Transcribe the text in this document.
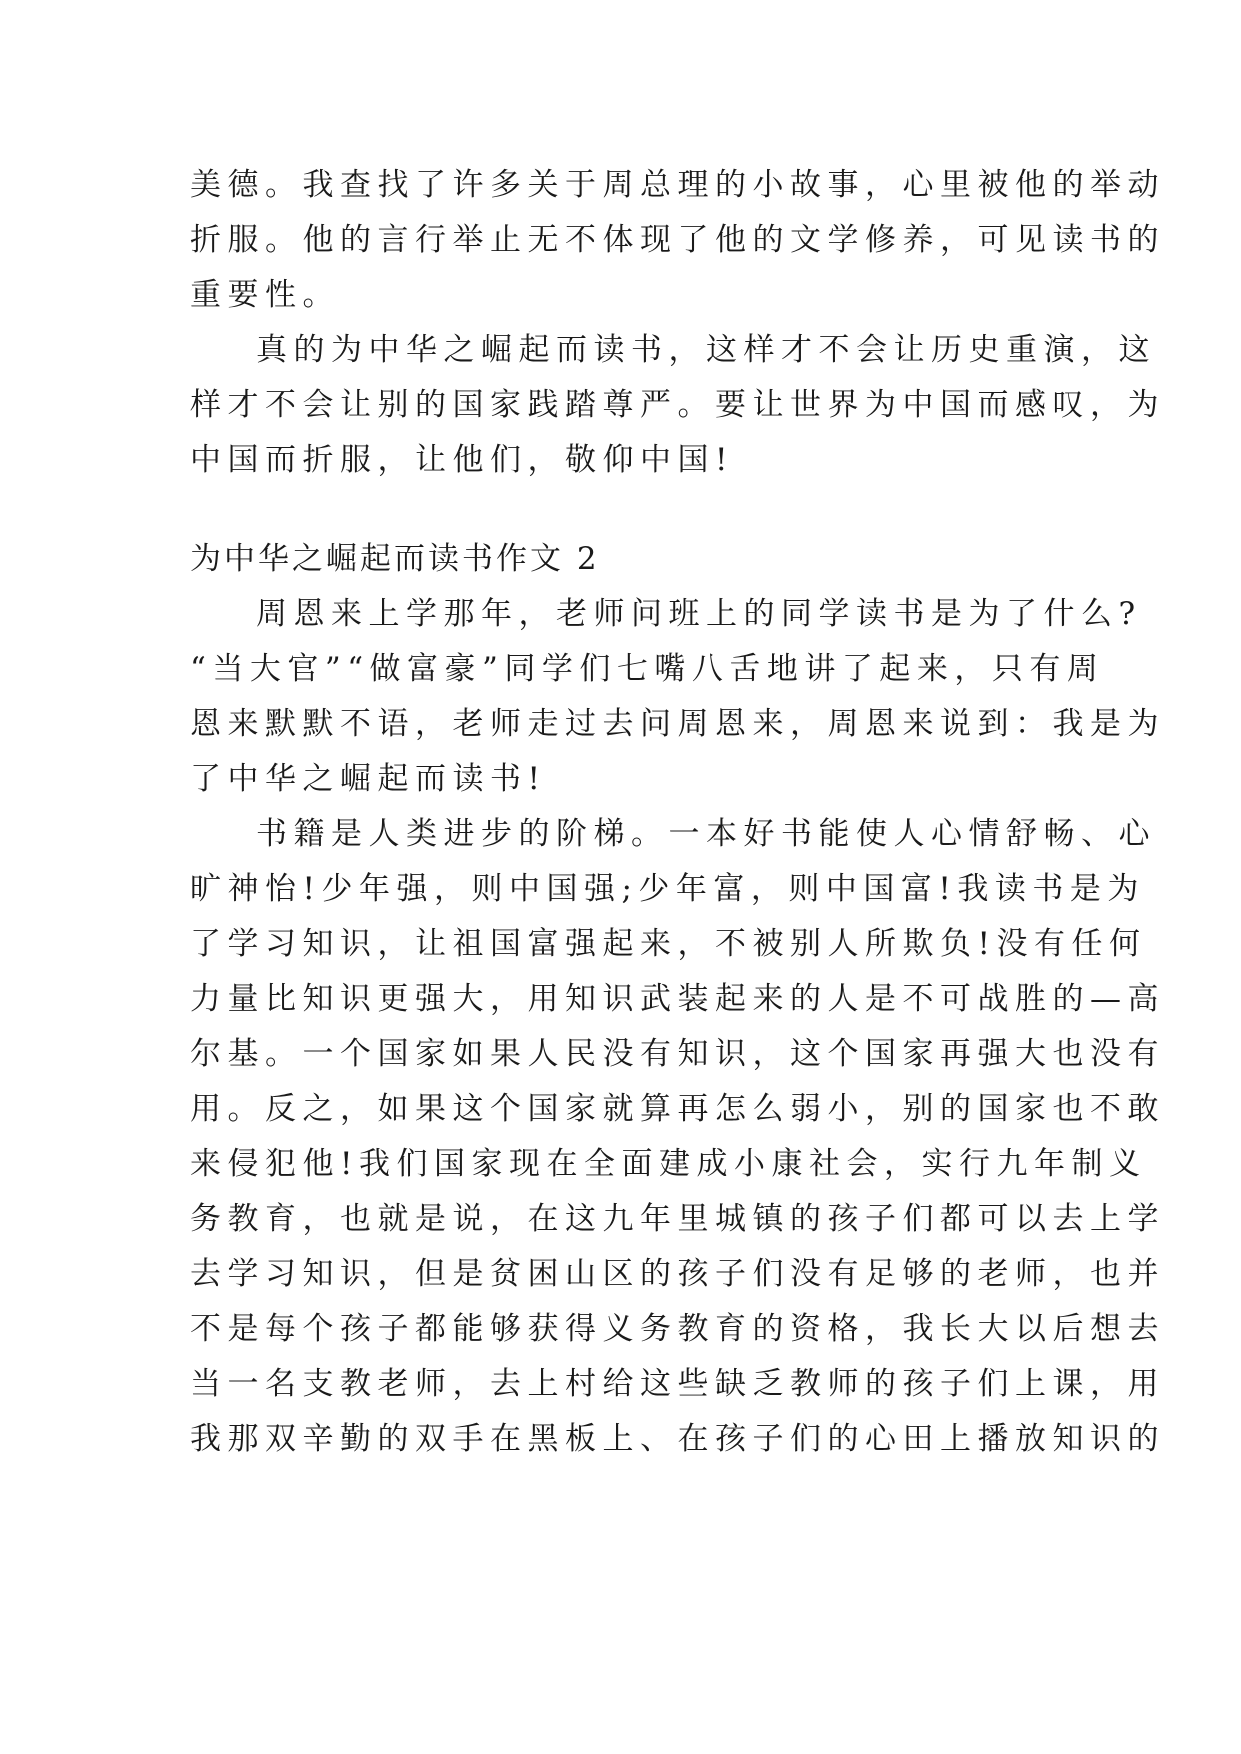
美德。我查找了许多关于周总理的小故事，心里被他的举动
折服。他的言行举止无不体现了他的文学修养，可见读书的
重要性。
真的为中华之崛起而读书，这样才不会让历史重演，这
样才不会让别的国家践踏尊严。要让世界为中国而感叹，为
中国而折服，让他们，敬仰中国!
为中华之崛起而读书作文 2
周恩来上学那年，老师问班上的同学读书是为了什么?
“当大官”“做富豪”同学们七嘴八舌地讲了起来，只有周
恩来默默不语，老师走过去问周恩来，周恩来说到：我是为
了中华之崛起而读书!
书籍是人类进步的阶梯。一本好书能使人心情舒畅、心
旷神怡!少年强，则中国强;少年富，则中国富!我读书是为
了学习知识，让祖国富强起来，不被别人所欺负!没有任何
力量比知识更强大，用知识武装起来的人是不可战胜的—高
尔基。一个国家如果人民没有知识，这个国家再强大也没有
用。反之，如果这个国家就算再怎么弱小，别的国家也不敢
来侵犯他!我们国家现在全面建成小康社会，实行九年制义
务教育，也就是说，在这九年里城镇的孩子们都可以去上学
去学习知识，但是贫困山区的孩子们没有足够的老师，也并
不是每个孩子都能够获得义务教育的资格，我长大以后想去
当一名支教老师，去上村给这些缺乏教师的孩子们上课，用
我那双辛勤的双手在黑板上、在孩子们的心田上播放知识的
